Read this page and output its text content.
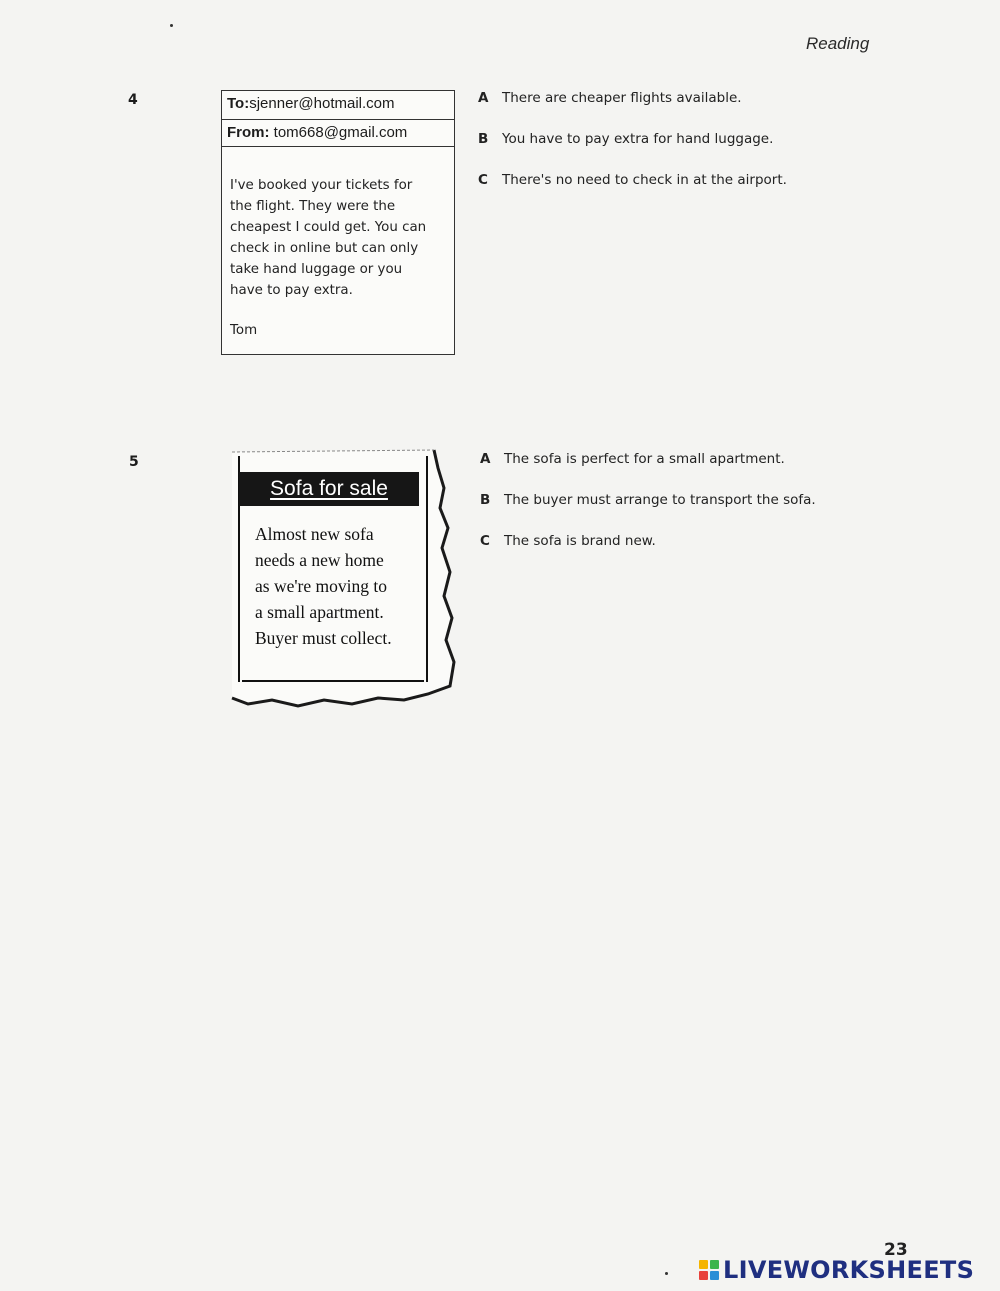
Reading
4	To:sjenner@hotmail.com
From: tom668@gmail.com
I've booked your tickets for
the flight. They were the
cheapest I could get. You can
check in online but can only
take hand luggage or you
have to pay extra.
Tom
A There are cheaper flights available.
B You have to pay extra for hand luggage.
C There's no need to check in at the airport.
5
Sofa for sale
Almost new sofa
needs a new home
as we're moving to
a small apartment.
Buyer must collect.
A The sofa is perfect for a small apartment.
B The buyer must arrange to transport the sofa.
C The sofa is brand new.
23
LIVEWORKSHEETS
